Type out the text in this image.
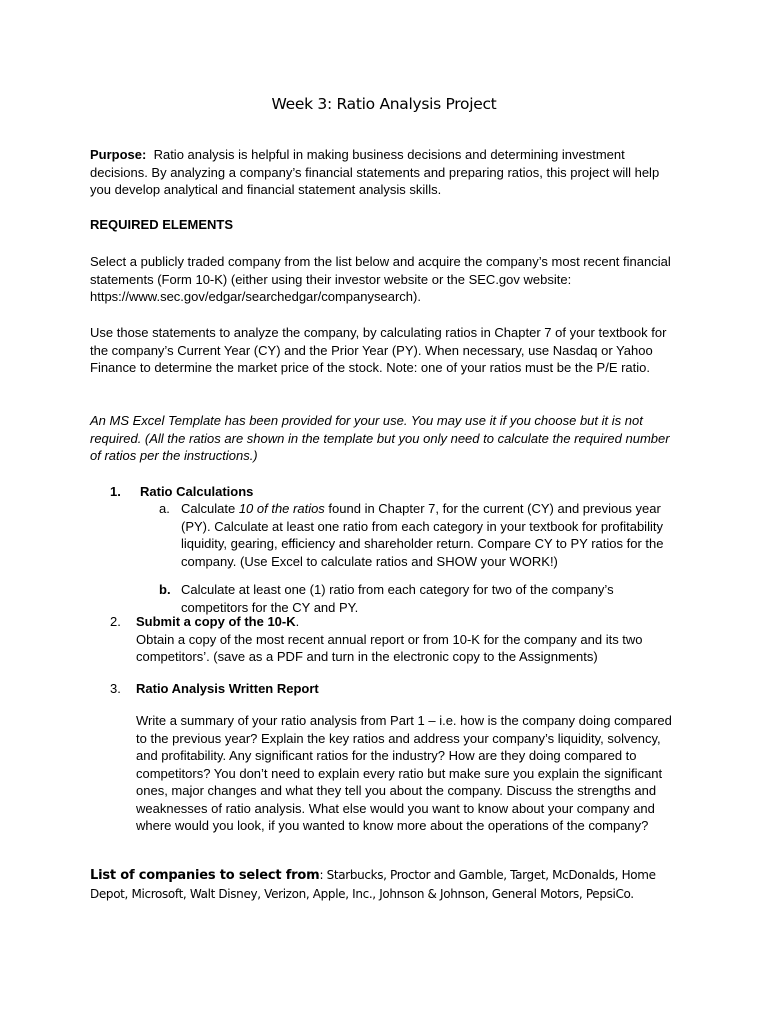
Week 3: Ratio Analysis Project

Purpose: Ratio analysis is helpful in making business decisions and determining investment decisions. By analyzing a company’s financial statements and preparing ratios, this project will help you develop analytical and financial statement analysis skills.

REQUIRED ELEMENTS
Select a publicly traded company from the list below and acquire the company’s most recent financial statements (Form 10-K) (either using their investor website or the SEC.gov website: https://www.sec.gov/edgar/searchedgar/companysearch).
Use those statements to analyze the company, by calculating ratios in Chapter 7 of your textbook for the company’s Current Year (CY) and the Prior Year (PY). When necessary, use Nasdaq or Yahoo Finance to determine the market price of the stock. Note: one of your ratios must be the P/E ratio.
An MS Excel Template has been provided for your use. You may use it if you choose but it is not required. (All the ratios are shown in the template but you only need to calculate the required number of ratios per the instructions.)
1. Ratio Calculations
a. Calculate 10 of the ratios found in Chapter 7, for the current (CY) and previous year (PY). Calculate at least one ratio from each category in your textbook for profitability liquidity, gearing, efficiency and shareholder return. Compare CY to PY ratios for the company. (Use Excel to calculate ratios and SHOW your WORK!)
b. Calculate at least one (1) ratio from each category for two of the company’s competitors for the CY and PY.
2. Submit a copy of the 10-K.
Obtain a copy of the most recent annual report or from 10-K for the company and its two competitors’. (save as a PDF and turn in the electronic copy to the Assignments)
3. Ratio Analysis Written Report
Write a summary of your ratio analysis from Part 1 – i.e. how is the company doing compared to the previous year? Explain the key ratios and address your company’s liquidity, solvency, and profitability. Any significant ratios for the industry? How are they doing compared to competitors? You don’t need to explain every ratio but make sure you explain the significant ones, major changes and what they tell you about the company. Discuss the strengths and weaknesses of ratio analysis. What else would you want to know about your company and where would you look, if you wanted to know more about the operations of the company?
List of companies to select from: Starbucks, Proctor and Gamble, Target, McDonalds, Home Depot, Microsoft, Walt Disney, Verizon, Apple, Inc., Johnson & Johnson, General Motors, PepsiCo.
